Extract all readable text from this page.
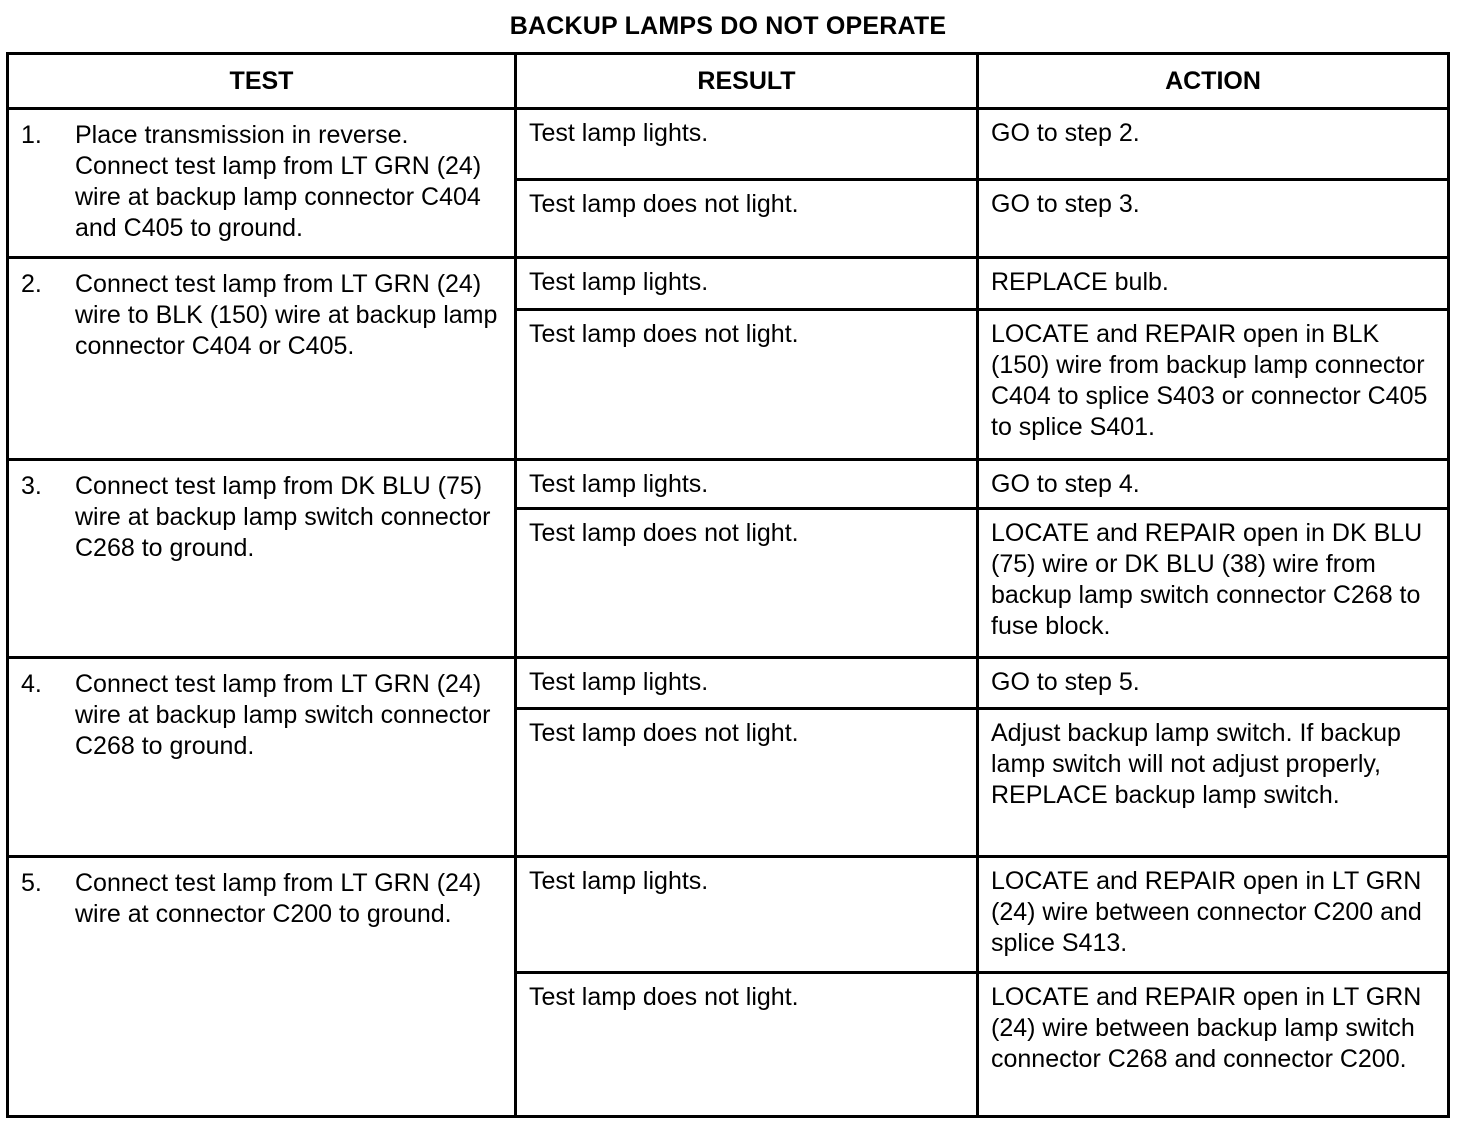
BACKUP LAMPS DO NOT OPERATE
TEST	RESULT	ACTION

1. Place transmission in reverse. Connect test lamp from LT GRN (24) wire at backup lamp connector C404 and C405 to ground.	Test lamp lights.	GO to step 2.

	Test lamp does not light.	GO to step 3.

2. Connect test lamp from LT GRN (24) wire to BLK (150) wire at backup lamp connector C404 or C405.	Test lamp lights.	REPLACE bulb.

	Test lamp does not light.	LOCATE and REPAIR open in BLK (150) wire from backup lamp connector C404 to splice S403 or connector C405 to splice S401.

3. Connect test lamp from DK BLU (75) wire at backup lamp switch connector C268 to ground.	Test lamp lights.	GO to step 4.

	Test lamp does not light.	LOCATE and REPAIR open in DK BLU (75) wire or DK BLU (38) wire from backup lamp switch connector C268 to fuse block.

4. Connect test lamp from LT GRN (24) wire at backup lamp switch connector C268 to ground.	Test lamp lights.	GO to step 5.

	Test lamp does not light.	Adjust backup lamp switch. If backup lamp switch will not adjust properly, REPLACE backup lamp switch.

5. Connect test lamp from LT GRN (24) wire at connector C200 to ground.	Test lamp lights.	LOCATE and REPAIR open in LT GRN (24) wire between connector C200 and splice S413.

	Test lamp does not light.	LOCATE and REPAIR open in LT GRN (24) wire between backup lamp switch connector C268 and connector C200.
